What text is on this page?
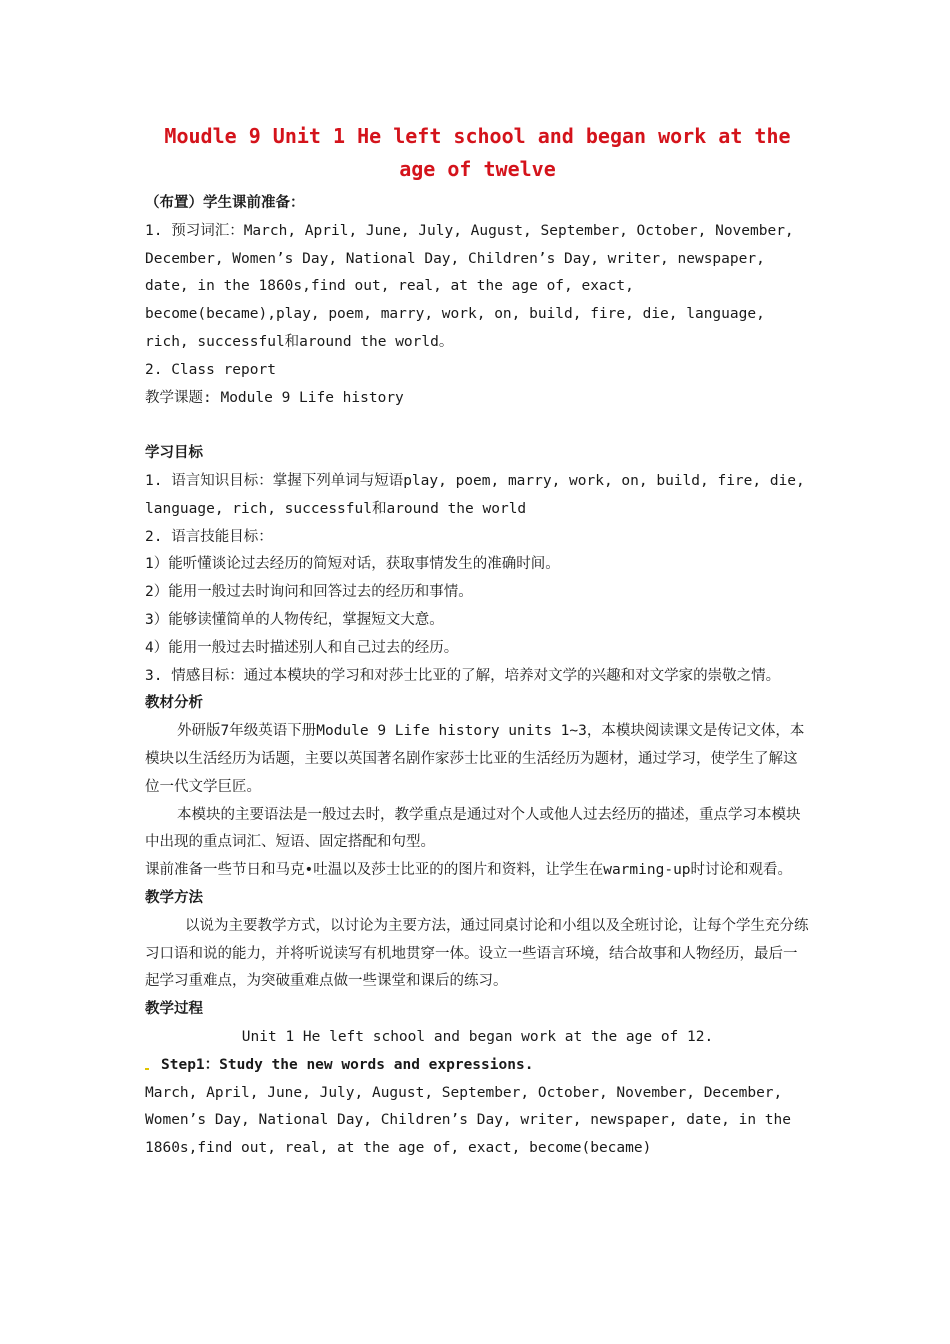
Moudle 9 Unit 1 He left school and began work at the age of twelve

（布置）学生课前准备：

1. 预习词汇：March, April, June, July, August, September, October, November, December, Women’s Day, National Day, Children’s Day, writer, newspaper, date, in the 1860s,find out, real, at the age of, exact, become(became),play, poem, marry, work, on, build, fire, die, language, rich, successful和around the world。

2. Class report

教学课题: Module 9 Life history

学习目标

1. 语言知识目标：掌握下列单词与短语play, poem, marry, work, on, build, fire, die, language, rich, successful和around the world

2. 语言技能目标：

1）能听懂谈论过去经历的简短对话，获取事情发生的准确时间。

2）能用一般过去时询问和回答过去的经历和事情。

3）能够读懂简单的人物传纪，掌握短文大意。

4）能用一般过去时描述别人和自己过去的经历。

3. 情感目标：通过本模块的学习和对莎士比亚的了解，培养对文学的兴趣和对文学家的崇敬之情。

教材分析

外研版7年级英语下册Module 9 Life history units 1~3，本模块阅读课文是传记文体，本模块以生活经历为话题，主要以英国著名剧作家莎士比亚的生活经历为题材，通过学习，使学生了解这位一代文学巨匠。

本模块的主要语法是一般过去时，教学重点是通过对个人或他人过去经历的描述，重点学习本模块中出现的重点词汇、短语、固定搭配和句型。

课前准备一些节日和马克•吐温以及莎士比亚的的图片和资料，让学生在warming-up时讨论和观看。

教学方法

以说为主要教学方式，以讨论为主要方法，通过同桌讨论和小组以及全班讨论，让每个学生充分练习口语和说的能力，并将听说读写有机地贯穿一体。设立一些语言环境，结合故事和人物经历，最后一起学习重难点，为突破重难点做一些课堂和课后的练习。

教学过程

Unit 1 He left school and began work at the age of 12.

Step1：Study the new words and expressions.

March, April, June, July, August, September, October, November, December, Women’s Day, National Day, Children’s Day, writer, newspaper, date, in the 1860s,find out, real, at the age of, exact, become(became)
